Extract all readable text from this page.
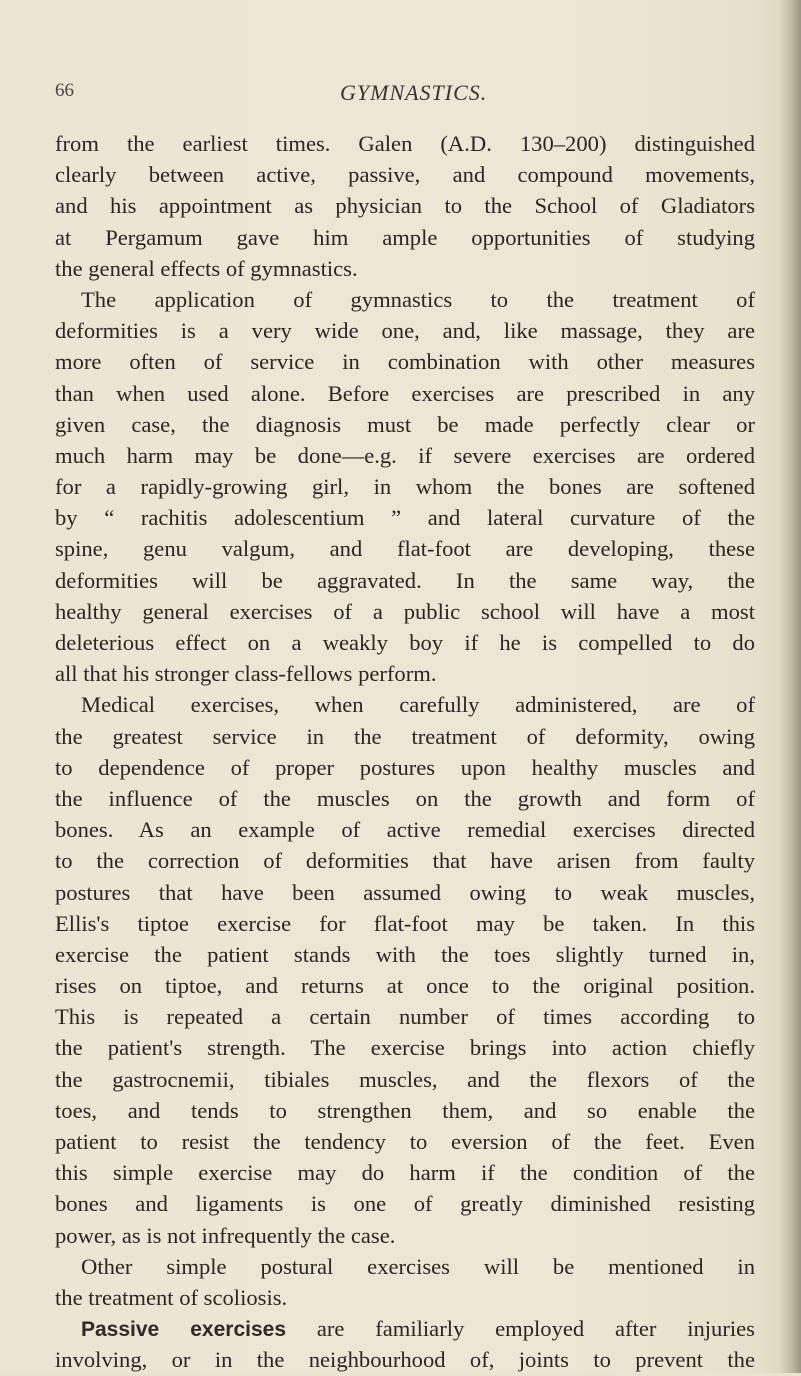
66	GYMNASTICS.
from the earliest times. Galen (A.D. 130–200) distinguished
clearly between active, passive, and compound movements,
and his appointment as physician to the School of Gladiators
at Pergamum gave him ample opportunities of studying
the general effects of gymnastics.
The application of gymnastics to the treatment of
deformities is a very wide one, and, like massage, they are
more often of service in combination with other measures
than when used alone. Before exercises are prescribed in any
given case, the diagnosis must be made perfectly clear or
much harm may be done—e.g. if severe exercises are ordered
for a rapidly-growing girl, in whom the bones are softened
by “ rachitis adolescentium ” and lateral curvature of the
spine, genu valgum, and flat-foot are developing, these
deformities will be aggravated. In the same way, the
healthy general exercises of a public school will have a most
deleterious effect on a weakly boy if he is compelled to do
all that his stronger class-fellows perform.
Medical exercises, when carefully administered, are of
the greatest service in the treatment of deformity, owing
to dependence of proper postures upon healthy muscles and
the influence of the muscles on the growth and form of
bones. As an example of active remedial exercises directed
to the correction of deformities that have arisen from faulty
postures that have been assumed owing to weak muscles,
Ellis's tiptoe exercise for flat-foot may be taken. In this
exercise the patient stands with the toes slightly turned in,
rises on tiptoe, and returns at once to the original position.
This is repeated a certain number of times according to
the patient's strength. The exercise brings into action chiefly
the gastrocnemii, tibiales muscles, and the flexors of the
toes, and tends to strengthen them, and so enable the
patient to resist the tendency to eversion of the feet. Even
this simple exercise may do harm if the condition of the
bones and ligaments is one of greatly diminished resisting
power, as is not infrequently the case.
Other simple postural exercises will be mentioned in
the treatment of scoliosis.
Passive exercises are familiarly employed after injuries
involving, or in the neighbourhood of, joints to prevent the
